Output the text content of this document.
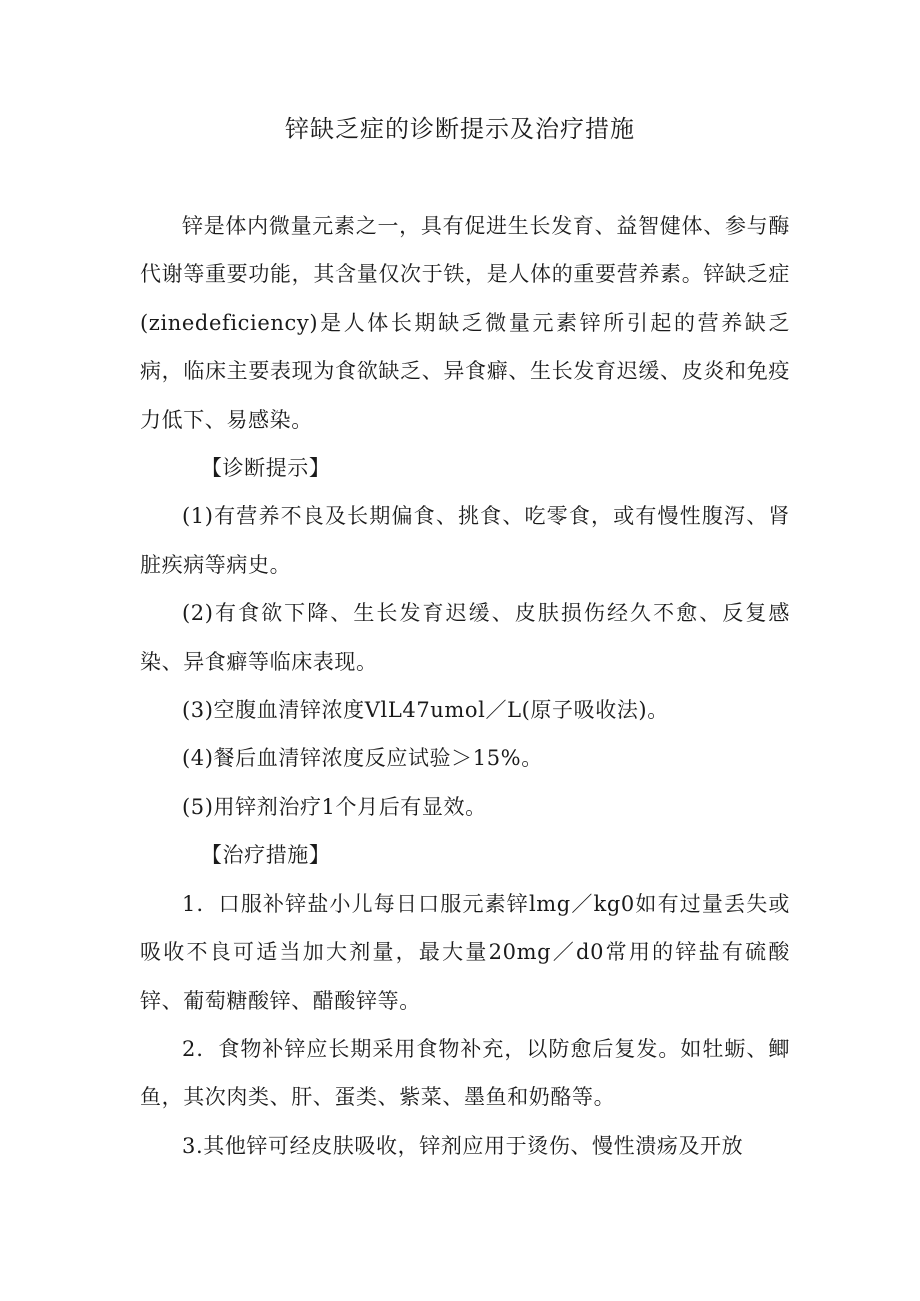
锌缺乏症的诊断提示及治疗措施

锌是体内微量元素之一，具有促进生长发育、益智健体、参与酶代谢等重要功能，其含量仅次于铁，是人体的重要营养素。锌缺乏症(zinedeficiency)是人体长期缺乏微量元素锌所引起的营养缺乏病，临床主要表现为食欲缺乏、异食癖、生长发育迟缓、皮炎和免疫力低下、易感染。

【诊断提示】

(1)有营养不良及长期偏食、挑食、吃零食，或有慢性腹泻、肾脏疾病等病史。

(2)有食欲下降、生长发育迟缓、皮肤损伤经久不愈、反复感染、异食癖等临床表现。

(3)空腹血清锌浓度VlL47umol／L(原子吸收法)。

(4)餐后血清锌浓度反应试验＞15%。

(5)用锌剂治疗1个月后有显效。

【治疗措施】

1．口服补锌盐小儿每日口服元素锌lmg／kg0如有过量丢失或吸收不良可适当加大剂量，最大量20mg／d0常用的锌盐有硫酸锌、葡萄糖酸锌、醋酸锌等。

2．食物补锌应长期采用食物补充，以防愈后复发。如牡蛎、鲫鱼，其次肉类、肝、蛋类、紫菜、墨鱼和奶酪等。

3.其他锌可经皮肤吸收，锌剂应用于烫伤、慢性溃疡及开放
